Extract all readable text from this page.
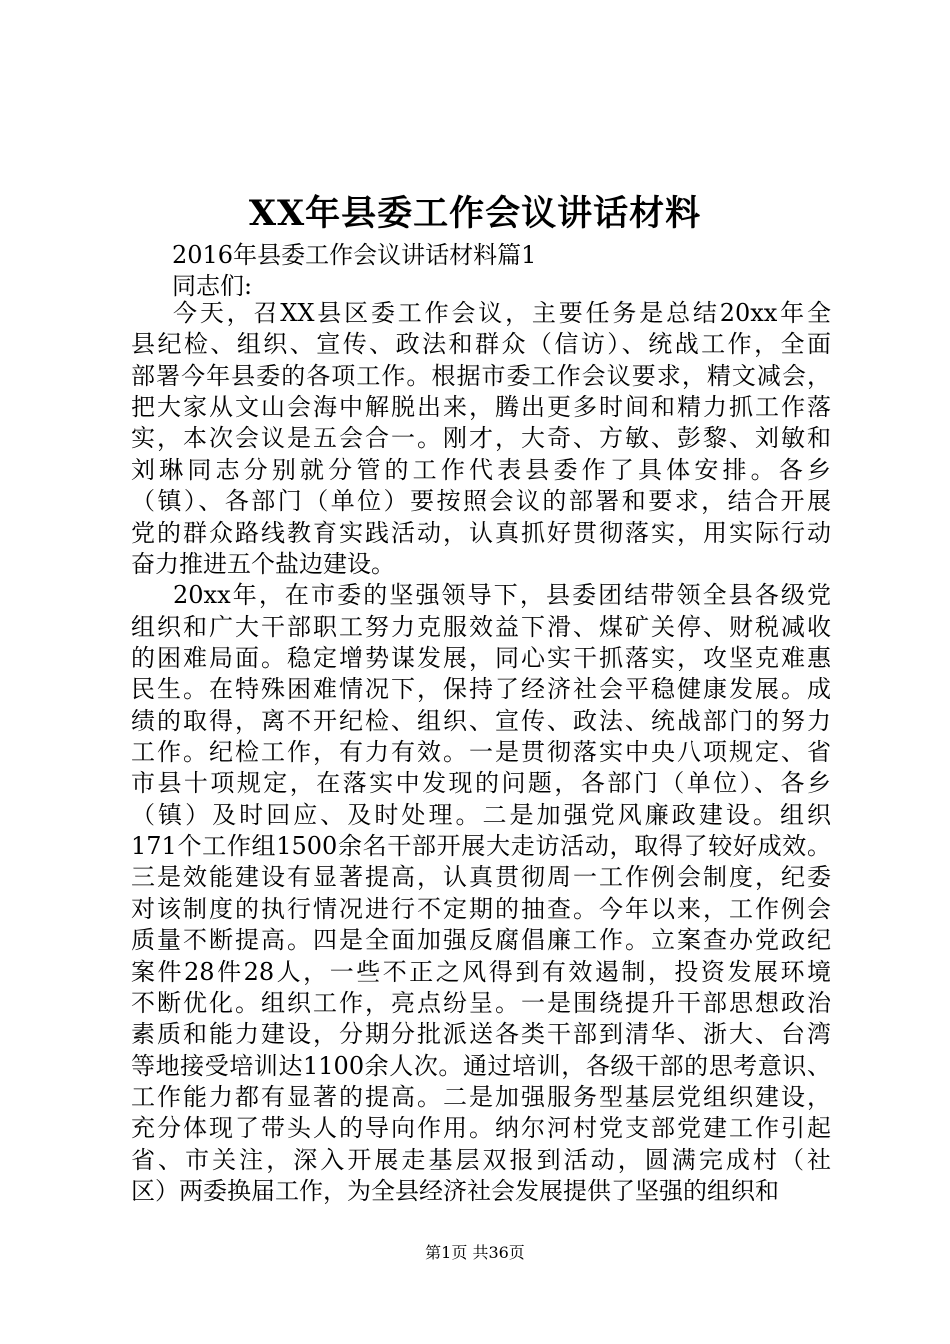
XX年县委工作会议讲话材料
2016年县委工作会议讲话材料篇1
同志们:
今天，召XX县区委工作会议，主要任务是总结20xx年全
县纪检、组织、宣传、政法和群众（信访）、统战工作，全面
部署今年县委的各项工作。根据市委工作会议要求，精文减会，
把大家从文山会海中解脱出来，腾出更多时间和精力抓工作落
实，本次会议是五会合一。刚才，大奇、方敏、彭黎、刘敏和
刘琳同志分别就分管的工作代表县委作了具体安排。各乡
（镇）、各部门（单位）要按照会议的部署和要求，结合开展
党的群众路线教育实践活动，认真抓好贯彻落实，用实际行动
奋力推进五个盐边建设。
20xx年，在市委的坚强领导下，县委团结带领全县各级党
组织和广大干部职工努力克服效益下滑、煤矿关停、财税减收
的困难局面。稳定增势谋发展，同心实干抓落实，攻坚克难惠
民生。在特殊困难情况下，保持了经济社会平稳健康发展。成
绩的取得，离不开纪检、组织、宣传、政法、统战部门的努力
工作。纪检工作，有力有效。一是贯彻落实中央八项规定、省
市县十项规定，在落实中发现的问题，各部门（单位）、各乡
（镇）及时回应、及时处理。二是加强党风廉政建设。组织
171个工作组1500余名干部开展大走访活动，取得了较好成效。
三是效能建设有显著提高，认真贯彻周一工作例会制度，纪委
对该制度的执行情况进行不定期的抽查。今年以来，工作例会
质量不断提高。四是全面加强反腐倡廉工作。立案查办党政纪
案件28件28人，一些不正之风得到有效遏制，投资发展环境
不断优化。组织工作，亮点纷呈。一是围绕提升干部思想政治
素质和能力建设，分期分批派送各类干部到清华、浙大、台湾
等地接受培训达1100余人次。通过培训，各级干部的思考意识、
工作能力都有显著的提高。二是加强服务型基层党组织建设，
充分体现了带头人的导向作用。纳尔河村党支部党建工作引起
省、市关注，深入开展走基层双报到活动，圆满完成村（社
区）两委换届工作，为全县经济社会发展提供了坚强的组织和
第1页 共36页
